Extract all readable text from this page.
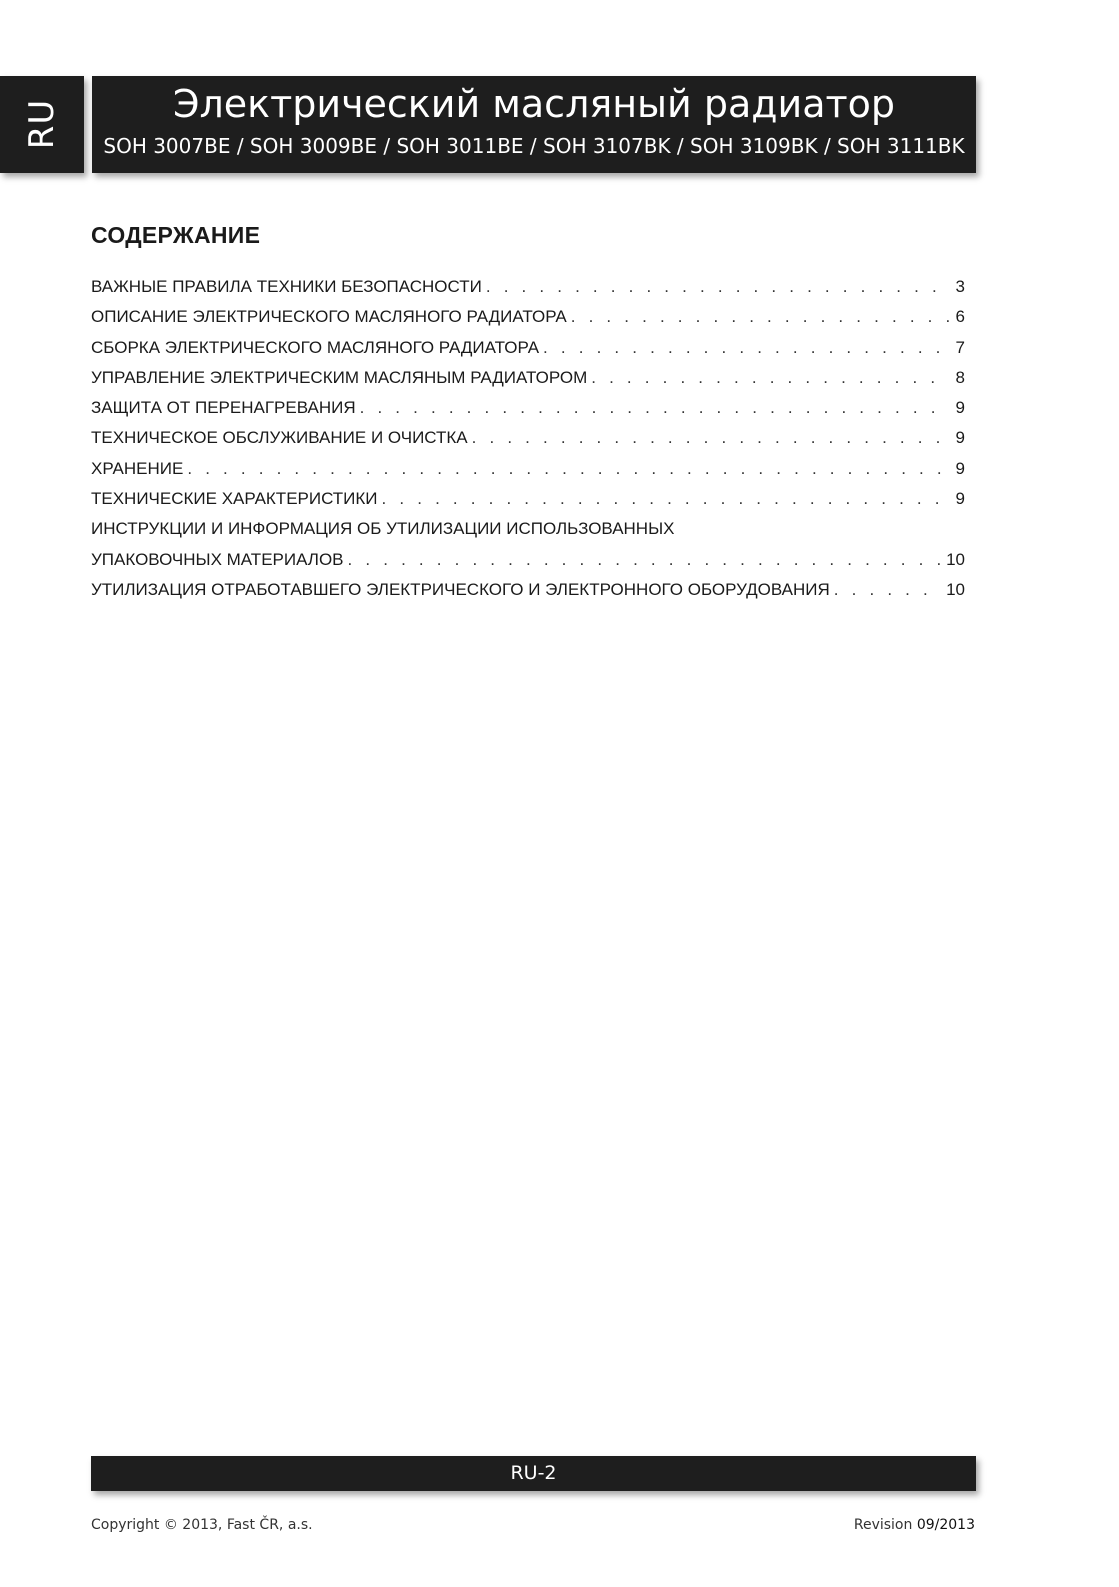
RU	Электрический масляный радиатор
SOH 3007BE / SOH 3009BE / SOH 3011BE / SOH 3107BK / SOH 3109BK / SOH 3111BK
СОДЕРЖАНИЕ
ВАЖНЫЕ ПРАВИЛА ТЕХНИКИ БЕЗОПАСНОСТИ . . .	3
ОПИСАНИЕ ЭЛЕКТРИЧЕСКОГО МАСЛЯНОГО РАДИАТОРА . . .	6
СБОРКА ЭЛЕКТРИЧЕСКОГО МАСЛЯНОГО РАДИАТОРА . . .	7
УПРАВЛЕНИЕ ЭЛЕКТРИЧЕСКИМ МАСЛЯНЫМ РАДИАТОРОМ . . .	8
ЗАЩИТА ОТ ПЕРЕНАГРЕВАНИЯ . . .	9
ТЕХНИЧЕСКОЕ ОБСЛУЖИВАНИЕ И ОЧИСТКА . . .	9
ХРАНЕНИЕ . . .	9
ТЕХНИЧЕСКИЕ ХАРАКТЕРИСТИКИ . . .	9
ИНСТРУКЦИИ И ИНФОРМАЦИЯ ОБ УТИЛИЗАЦИИ ИСПОЛЬЗОВАННЫХ
УПАКОВОЧНЫХ МАТЕРИАЛОВ . . .	10
УТИЛИЗАЦИЯ ОТРАБОТАВШЕГО ЭЛЕКТРИЧЕСКОГО И ЭЛЕКТРОННОГО ОБОРУДОВАНИЯ . . .	10
RU-2
Copyright © 2013, Fast ČR, a.s.	Revision 09/2013
